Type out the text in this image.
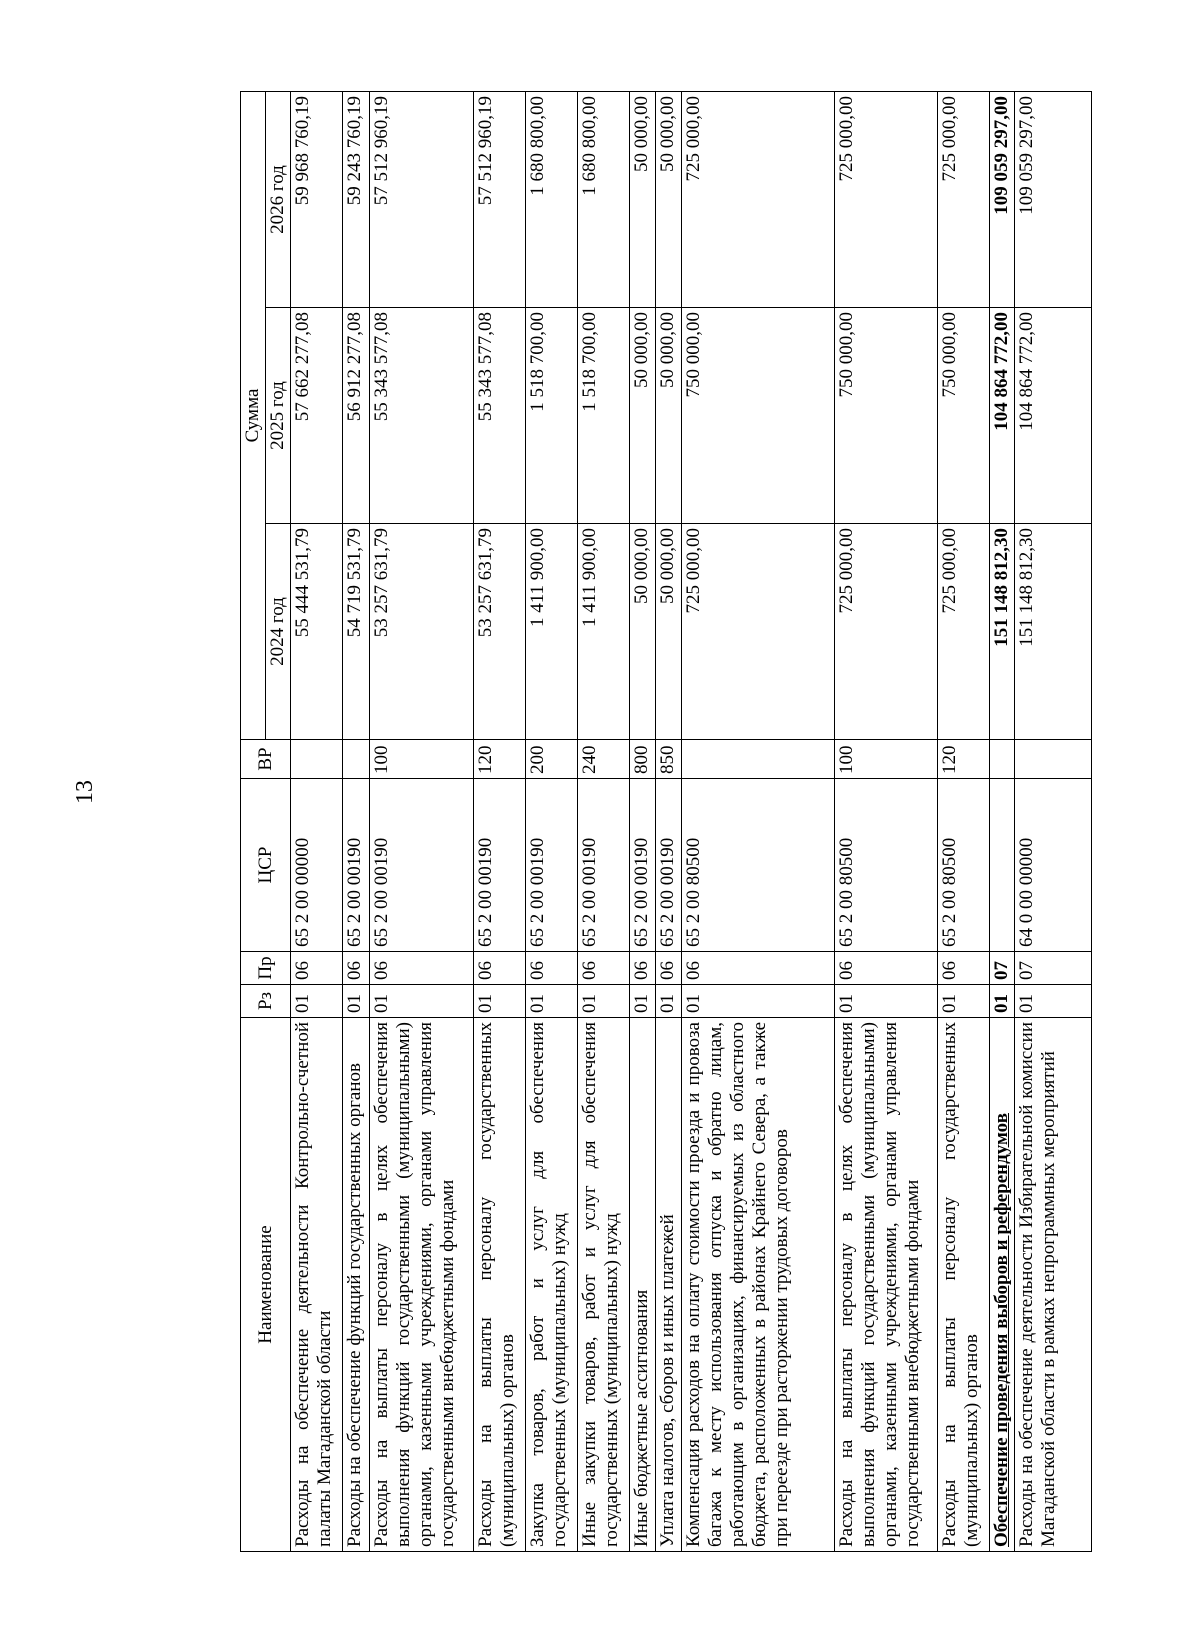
13
Наименование	Рз	Пр	ЦСР	ВР	Сумма		
					2024 год	2025 год	2026 год
Расходы на обеспечение деятельности Контрольно-счетной палаты Магаданской области	01	06	65 2 00 00000		55 444 531,79	57 662 277,08	59 968 760,19
Расходы на обеспечение функций государственных органов	01	06	65 2 00 00190		54 719 531,79	56 912 277,08	59 243 760,19
Расходы на выплаты персоналу в целях обеспечения выполнения функций государственными (муниципальными) органами, казенными учреждениями, органами управления государственными внебюджетными фондами	01	06	65 2 00 00190	100	53 257 631,79	55 343 577,08	57 512 960,19
Расходы на выплаты персоналу государственных (муниципальных) органов	01	06	65 2 00 00190	120	53 257 631,79	55 343 577,08	57 512 960,19
Закупка товаров, работ и услуг для обеспечения государственных (муниципальных) нужд	01	06	65 2 00 00190	200	1 411 900,00	1 518 700,00	1 680 800,00
Иные закупки товаров, работ и услуг для обеспечения государственных (муниципальных) нужд	01	06	65 2 00 00190	240	1 411 900,00	1 518 700,00	1 680 800,00
Иные бюджетные ассигнования	01	06	65 2 00 00190	800	50 000,00	50 000,00	50 000,00
Уплата налогов, сборов и иных платежей	01	06	65 2 00 00190	850	50 000,00	50 000,00	50 000,00
Компенсация расходов на оплату стоимости проезда и провоза багажа к месту использования отпуска и обратно лицам, работающим в организациях, финансируемых из областного бюджета, расположенных в районах Крайнего Севера, а также при переезде при расторжении трудовых договоров	01	06	65 2 00 80500		725 000,00	750 000,00	725 000,00
Расходы на выплаты персоналу в целях обеспечения выполнения функций государственными (муниципальными) органами, казенными учреждениями, органами управления государственными внебюджетными фондами	01	06	65 2 00 80500	100	725 000,00	750 000,00	725 000,00
Расходы на выплаты персоналу государственных (муниципальных) органов	01	06	65 2 00 80500	120	725 000,00	750 000,00	725 000,00
Обеспечение проведения выборов и референдумов	01	07			151 148 812,30	104 864 772,00	109 059 297,00
Расходы на обеспечение деятельности Избирательной комиссии Магаданской области в рамках непрограммных мероприятий	01	07	64 0 00 00000		151 148 812,30	104 864 772,00	109 059 297,00
